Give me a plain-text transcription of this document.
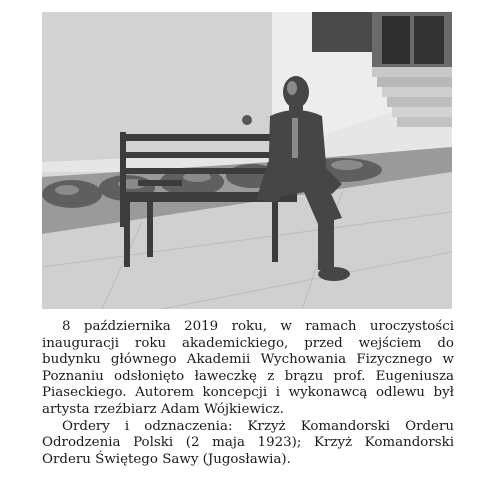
8 października 2019 roku, w ramach uroczystości inauguracji roku akademickiego, przed wejściem do budynku głównego Akademii Wychowania Fizycznego w Poznaniu odsłonięto ławeczkę z brązu prof. Eugeniusza Piaseckiego. Autorem koncepcji i wykonawcą odlewu był artysta rzeźbiarz Adam Wójkiewicz.

Ordery i odznaczenia: Krzyż Komandorski Orderu Odrodzenia Polski (2 maja 1923); Krzyż Komandorski Orderu Świętego Sawy (Jugosławia).
